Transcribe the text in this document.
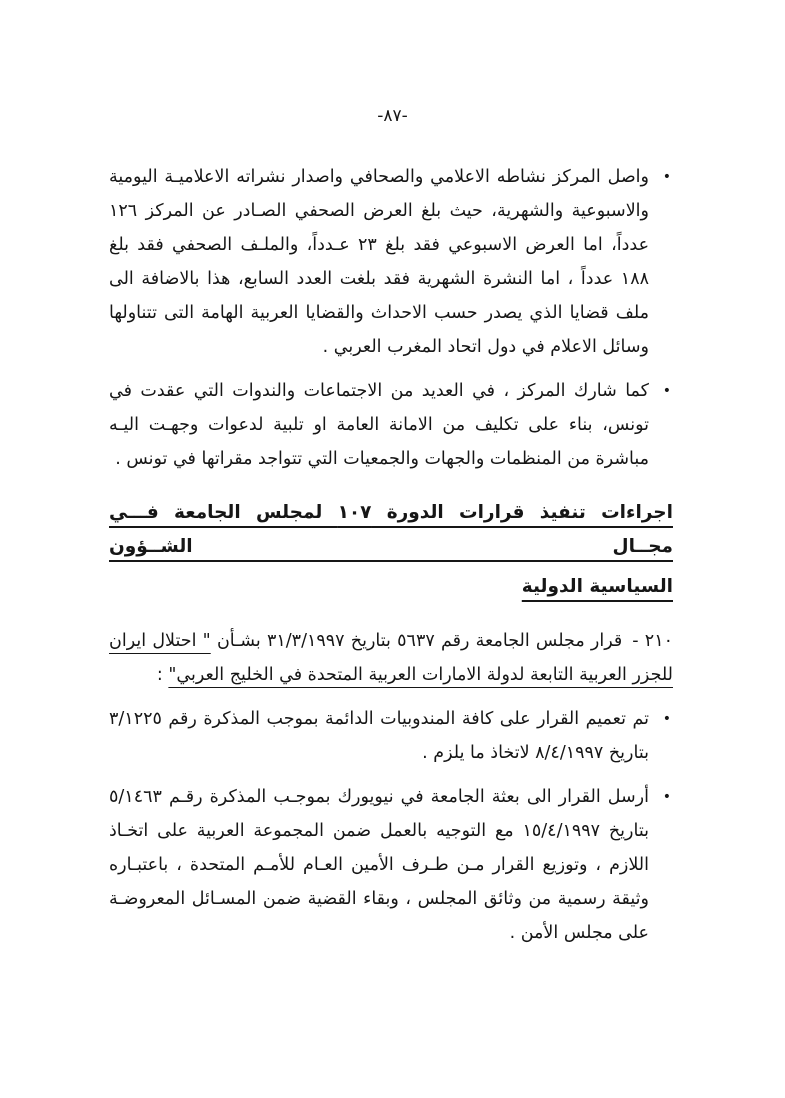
-٨٧-
•
واصل المركز نشاطه الاعلامي والصحافي واصدار نشراته الاعلاميـة اليومية والاسبوعية والشهرية، حيث بلغ العرض الصحفي الصـادر عن المركز ١٢٦ عدداً، اما العرض الاسبوعي فقد بلغ ٢٣ عـدداً، والملـف الصحفي فقد بلغ ١٨٨ عدداً ، اما النشرة الشهرية فقد بلغت العدد السابع، هذا بالاضافة الى ملف قضايا الذي يصدر حسب الاحداث والقضايا العربية الهامة التى تتناولها وسائل الاعلام في دول اتحاد المغرب العربي .
•
كما شارك المركز ، في العديد من الاجتماعات والندوات التي عقدت في تونس، بناء على تكليف من الامانة العامة او تلبية لدعوات وجهـت اليـه مباشرة من المنظمات والجهات والجمعيات التي تتواجد مقراتها في تونس .
اجراءات تنفيذ قرارات الدورة ١٠٧ لمجلس الجامعة فـــي مجــال الشــؤون
السياسية الدولية
٢١٠ -قرار مجلس الجامعة رقم ٥٦٣٧ بتاريخ ٣١/٣/١٩٩٧ بشـأن " احتلال ايران للجزر العربية التابعة لدولة الامارات العربية المتحدة في الخليج العربي" :
•
تم تعميم القرار على كافة المندوبيات الدائمة بموجب المذكرة رقم ٣/١٢٢٥ بتاريخ ٨/٤/١٩٩٧ لاتخاذ ما يلزم .
•
أرسل القرار الى بعثة الجامعة في نيويورك بموجـب المذكرة رقـم ٥/١٤٦٣ بتاريخ ١٥/٤/١٩٩٧ مع التوجيه بالعمل ضمن المجموعة العربية على اتخـاذ اللازم ، وتوزيع القرار مـن طـرف الأمين العـام للأمـم المتحدة ، باعتبـاره وثيقة رسمية من وثائق المجلس ، وبقاء القضية ضمن المسـائل المعروضـة على مجلس الأمن .
